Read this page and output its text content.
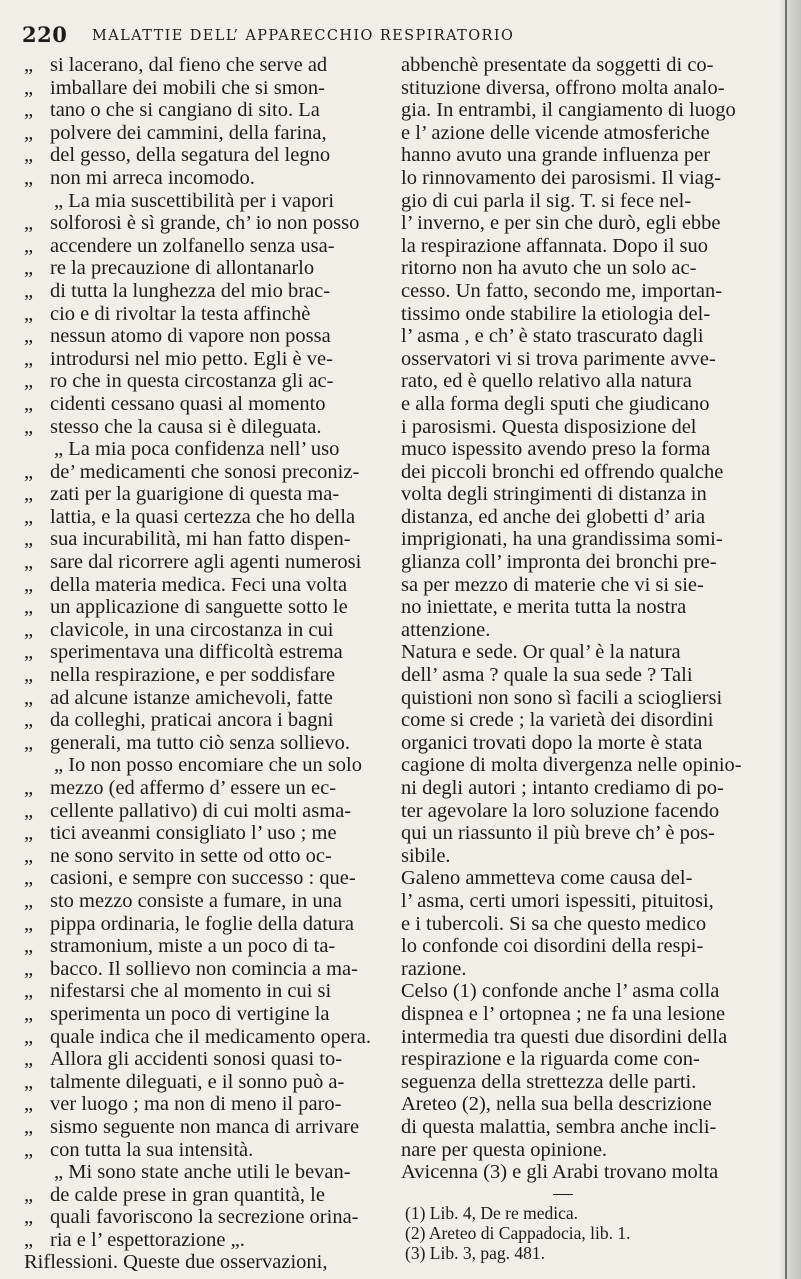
220 MALATTIE DELL’ APPARECCHIO RESPIRATORIO
„ si lacerano, dal fieno che serve ad
„ imballare dei mobili che si smon-
„ tano o che si cangiano di sito. La
„ polvere dei cammini, della farina,
„ del gesso, della segatura del legno
„ non mi arreca incomodo.
„ La mia suscettibilità per i vapori
„ solforosi è sì grande, ch’ io non posso
„ accendere un zolfanello senza usa-
„ re la precauzione di allontanarlo
„ di tutta la lunghezza del mio brac-
„ cio e di rivoltar la testa affinchè
„ nessun atomo di vapore non possa
„ introdursi nel mio petto. Egli è ve-
„ ro che in questa circostanza gli ac-
„ cidenti cessano quasi al momento
„ stesso che la causa si è dileguata.
„ La mia poca confidenza nell’ uso
„ de’ medicamenti che sonosi preconiz-
„ zati per la guarigione di questa ma-
„ lattia, e la quasi certezza che ho della
„ sua incurabilità, mi han fatto dispen-
„ sare dal ricorrere agli agenti numerosi
„ della materia medica. Feci una volta
„ un applicazione di sanguette sotto le
„ clavicole, in una circostanza in cui
„ sperimentava una difficoltà estrema
„ nella respirazione, e per soddisfare
„ ad alcune istanze amichevoli, fatte
„ da colleghi, praticai ancora i bagni
„ generali, ma tutto ciò senza sollievo.
„ Io non posso encomiare che un solo
„ mezzo (ed affermo d’ essere un ec-
„ cellente pallativo) di cui molti asma-
„ tici aveanmi consigliato l’ uso ; me
„ ne sono servito in sette od otto oc-
„ casioni, e sempre con successo : que-
„ sto mezzo consiste a fumare, in una
„ pippa ordinaria, le foglie della datura
„ stramonium, miste a un poco di ta-
„ bacco. Il sollievo non comincia a ma-
„ nifestarsi che al momento in cui si
„ sperimenta un poco di vertigine la
„ quale indica che il medicamento opera.
„ Allora gli accidenti sonosi quasi to-
„ talmente dileguati, e il sonno può a-
„ ver luogo ; ma non di meno il paro-
„ sismo seguente non manca di arrivare
„ con tutta la sua intensità.
„ Mi sono state anche utili le bevan-
„ de calde prese in gran quantità, le
„ quali favoriscono la secrezione orina-
„ ria e l’ espettorazione „.
Riflessioni. Queste due osservazioni,
abbenchè presentate da soggetti di co-
stituzione diversa, offrono molta analo-
gia. In entrambi, il cangiamento di luogo
e l’ azione delle vicende atmosferiche
hanno avuto una grande influenza per
lo rinnovamento dei parosismi. Il viag-
gio di cui parla il sig. T. si fece nel-
l’ inverno, e per sin che durò, egli ebbe
la respirazione affannata. Dopo il suo
ritorno non ha avuto che un solo ac-
cesso. Un fatto, secondo me, importan-
tissimo onde stabilire la etiologia del-
l’ asma , e ch’ è stato trascurato dagli
osservatori vi si trova parimente avve-
rato, ed è quello relativo alla natura
e alla forma degli sputi che giudicano
i parosismi. Questa disposizione del
muco ispessito avendo preso la forma
dei piccoli bronchi ed offrendo qualche
volta degli stringimenti di distanza in
distanza, ed anche dei globetti d’ aria
imprigionati, ha una grandissima somi-
glianza coll’ impronta dei bronchi pre-
sa per mezzo di materie che vi si sie-
no iniettate, e merita tutta la nostra
attenzione.
Natura e sede. Or qual’ è la natura
dell’ asma ? quale la sua sede ? Tali
quistioni non sono sì facili a sciogliersi
come si crede ; la varietà dei disordini
organici trovati dopo la morte è stata
cagione di molta divergenza nelle opinio-
ni degli autori ; intanto crediamo di po-
ter agevolare la loro soluzione facendo
qui un riassunto il più breve ch’ è pos-
sibile.
Galeno ammetteva come causa del-
l’ asma, certi umori ispessiti, pituitosi,
e i tubercoli. Si sa che questo medico
lo confonde coi disordini della respi-
razione.
Celso (1) confonde anche l’ asma colla
dispnea e l’ ortopnea ; ne fa una lesione
intermedia tra questi due disordini della
respirazione e la riguarda come con-
seguenza della strettezza delle parti.
Areteo (2), nella sua bella descrizione
di questa malattia, sembra anche incli-
nare per questa opinione.
Avicenna (3) e gli Arabi trovano molta
(1) Lib. 4, De re medica.
(2) Areteo di Cappadocia, lib. 1.
(3) Lib. 3, pag. 481.
